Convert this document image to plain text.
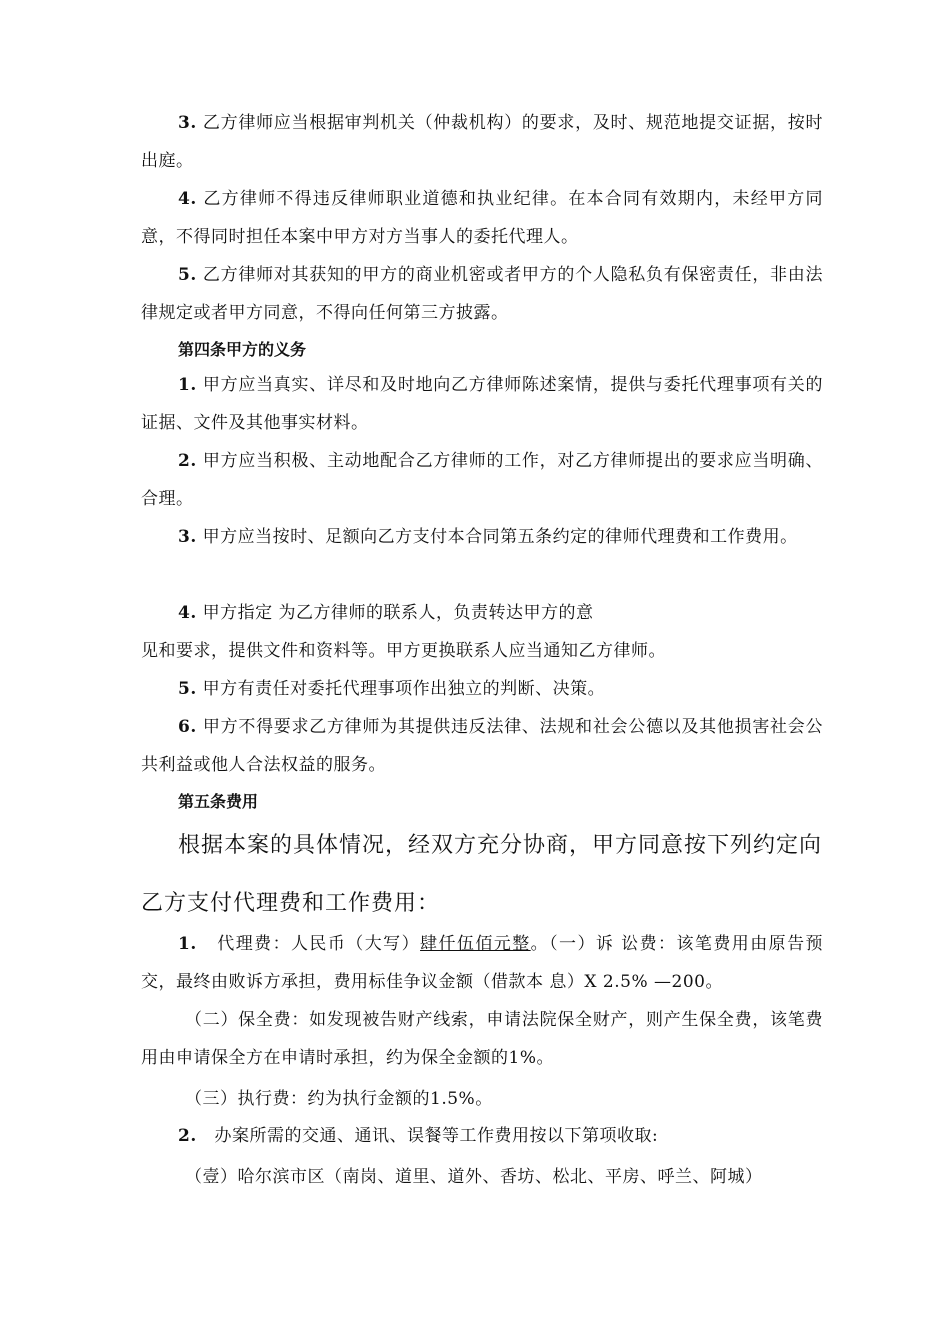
3. 乙方律师应当根据审判机关（仲裁机构）的要求，及时、规范地提交证据，按时出庭。

4. 乙方律师不得违反律师职业道德和执业纪律。在本合同有效期内，未经甲方同意，不得同时担任本案中甲方对方当事人的委托代理人。

5. 乙方律师对其获知的甲方的商业机密或者甲方的个人隐私负有保密责任，非由法律规定或者甲方同意，不得向任何第三方披露。

第四条甲方的义务

1. 甲方应当真实、详尽和及时地向乙方律师陈述案情，提供与委托代理事项有关的证据、文件及其他事实材料。

2. 甲方应当积极、主动地配合乙方律师的工作，对乙方律师提出的要求应当明确、合理。

3. 甲方应当按时、足额向乙方支付本合同第五条约定的律师代理费和工作费用。

4. 甲方指定 为乙方律师的联系人，负责转达甲方的意

见和要求，提供文件和资料等。甲方更换联系人应当通知乙方律师。

5. 甲方有责任对委托代理事项作出独立的判断、决策。

6. 甲方不得要求乙方律师为其提供违反法律、法规和社会公德以及其他损害社会公共利益或他人合法权益的服务。

第五条费用

根据本案的具体情况，经双方充分协商，甲方同意按下列约定向乙方支付代理费和工作费用：

1. 代理费：人民币（大写）肆仟伍佰元整。（一）诉 讼费：该笔费用由原告预交，最终由败诉方承担，费用标佳争议金额（借款本 息）X 2.5% —200。

（二）保全费：如发现被告财产线索，申请法院保全财产，则产生保全费，该笔费用由申请保全方在申请时承担，约为保全金额的1%。

（三）执行费：约为执行金额的1.5%。

2. 办案所需的交通、通讯、误餐等工作费用按以下第项收取:

（壹）哈尔滨市区（南岗、道里、道外、香坊、松北、平房、呼兰、阿城）
